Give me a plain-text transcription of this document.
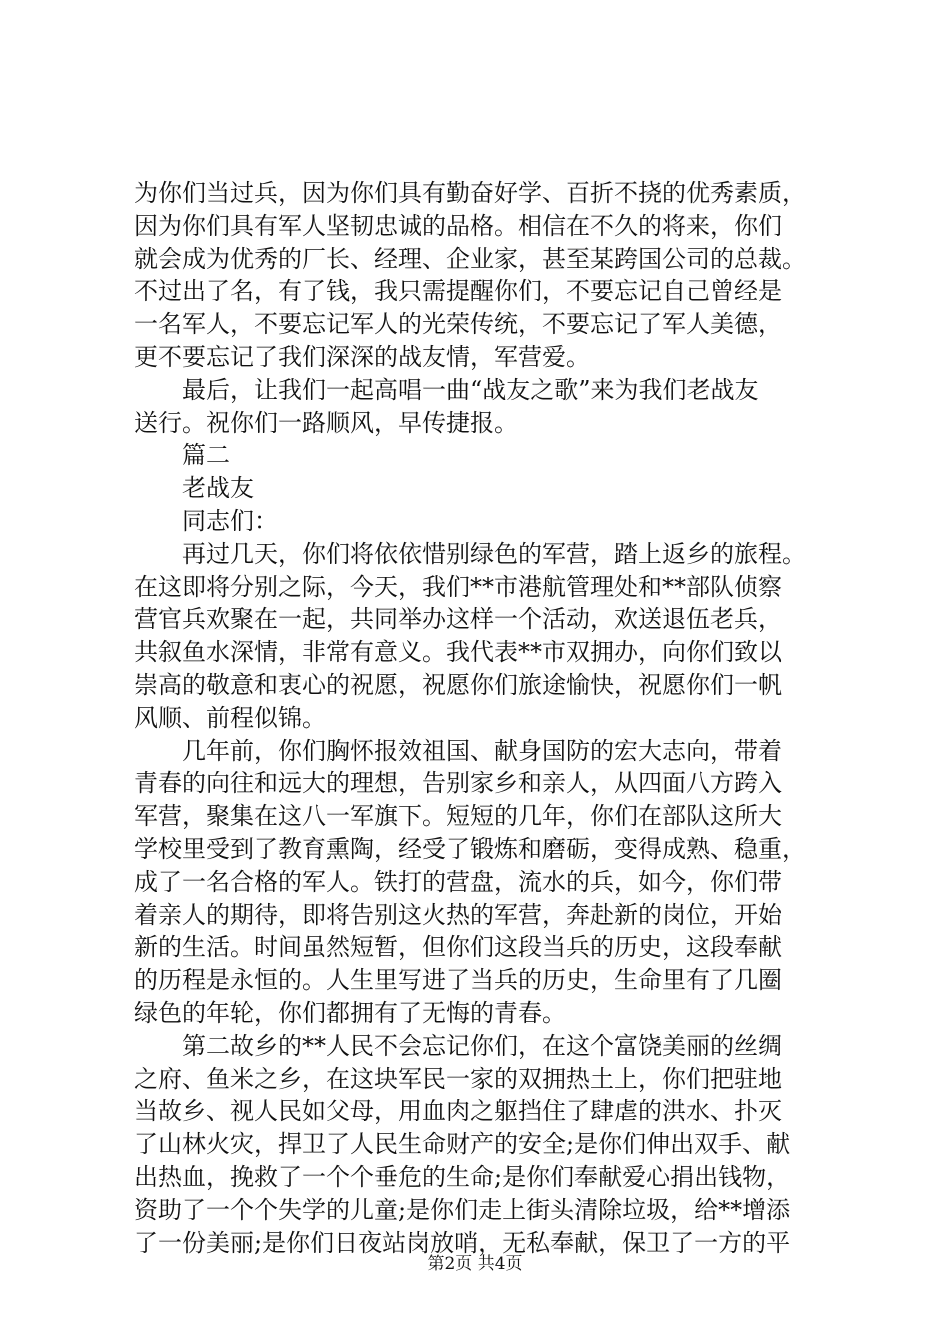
为你们当过兵，因为你们具有勤奋好学、百折不挠的优秀素质，
因为你们具有军人坚韧忠诚的品格。相信在不久的将来，你们
就会成为优秀的厂长、经理、企业家，甚至某跨国公司的总裁。
不过出了名，有了钱，我只需提醒你们，不要忘记自己曾经是
一名军人，不要忘记军人的光荣传统，不要忘记了军人美德，
更不要忘记了我们深深的战友情，军营爱。
最后，让我们一起高唱一曲“战友之歌”来为我们老战友
送行。祝你们一路顺风，早传捷报。
篇二
老战友
同志们：
再过几天，你们将依依惜别绿色的军营，踏上返乡的旅程。
在这即将分别之际，今天，我们**市港航管理处和**部队侦察
营官兵欢聚在一起，共同举办这样一个活动，欢送退伍老兵，
共叙鱼水深情，非常有意义。我代表**市双拥办，向你们致以
崇高的敬意和衷心的祝愿，祝愿你们旅途愉快，祝愿你们一帆
风顺、前程似锦。
几年前，你们胸怀报效祖国、献身国防的宏大志向，带着
青春的向往和远大的理想，告别家乡和亲人，从四面八方跨入
军营，聚集在这八一军旗下。短短的几年，你们在部队这所大
学校里受到了教育熏陶，经受了锻炼和磨砺，变得成熟、稳重，
成了一名合格的军人。铁打的营盘，流水的兵，如今，你们带
着亲人的期待，即将告别这火热的军营，奔赴新的岗位，开始
新的生活。时间虽然短暂，但你们这段当兵的历史，这段奉献
的历程是永恒的。人生里写进了当兵的历史，生命里有了几圈
绿色的年轮，你们都拥有了无悔的青春。
第二故乡的**人民不会忘记你们，在这个富饶美丽的丝绸
之府、鱼米之乡，在这块军民一家的双拥热土上，你们把驻地
当故乡、视人民如父母，用血肉之躯挡住了肆虐的洪水、扑灭
了山林火灾，捍卫了人民生命财产的安全;是你们伸出双手、献
出热血，挽救了一个个垂危的生命;是你们奉献爱心捐出钱物，
资助了一个个失学的儿童;是你们走上街头清除垃圾，给**增添
了一份美丽;是你们日夜站岗放哨，无私奉献，保卫了一方的平
第2页 共4页
